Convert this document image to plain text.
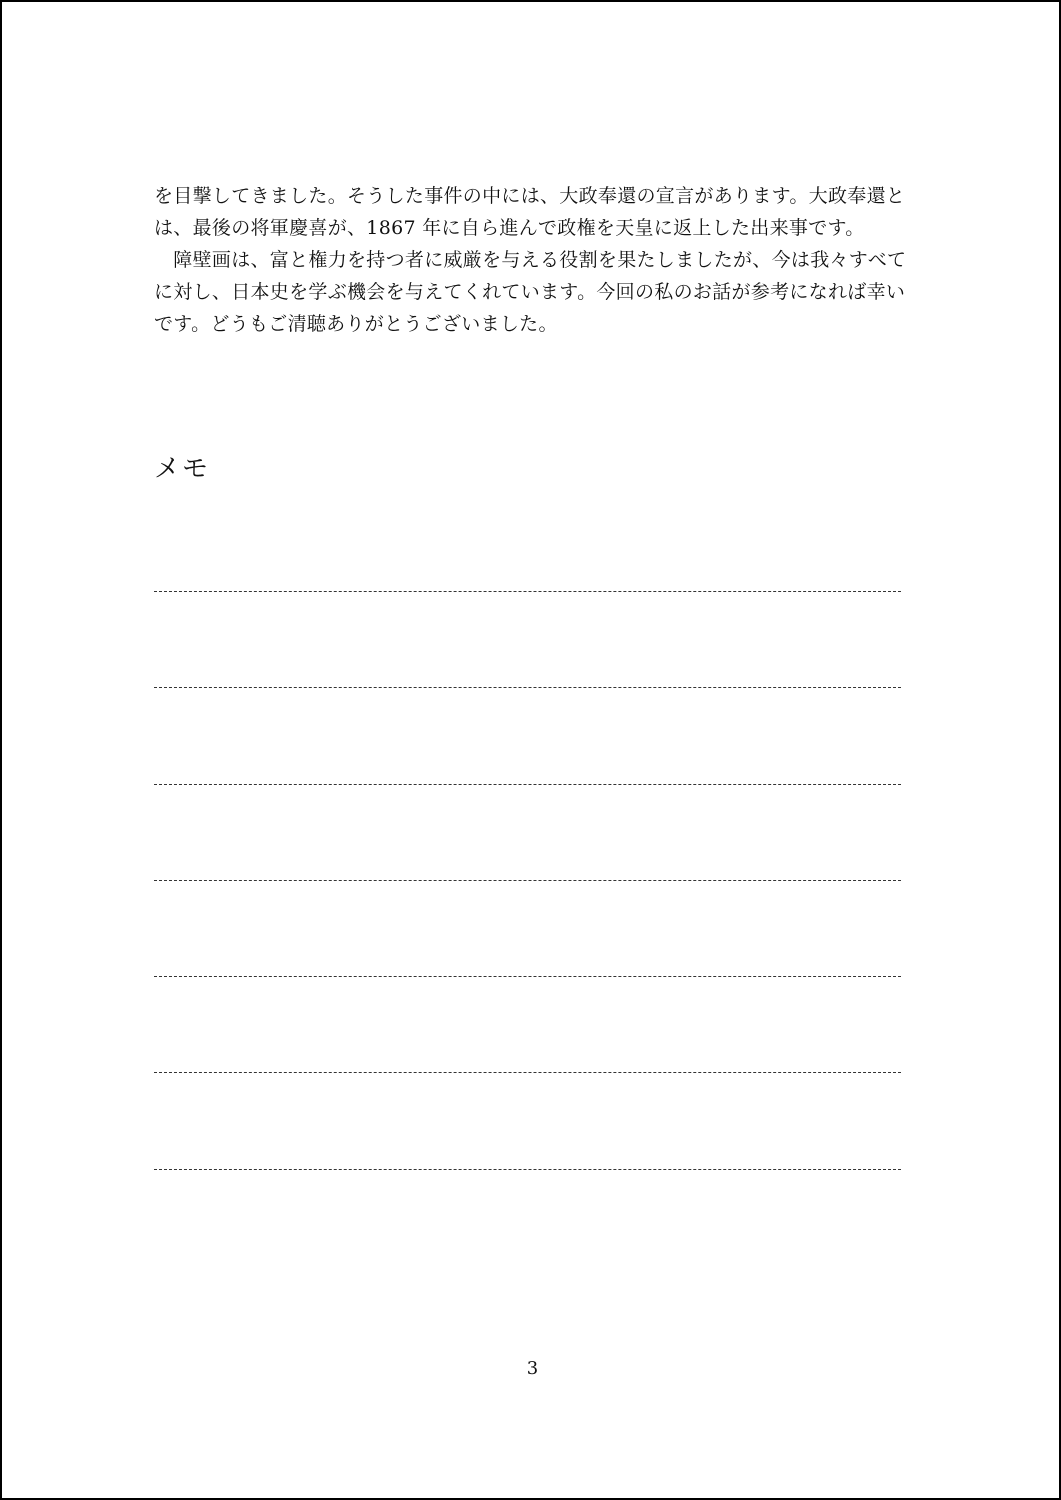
を目撃してきました。そうした事件の中には、大政奉還の宣言があります。大政奉還と

は、最後の将軍慶喜が、1867 年に自ら進んで政権を天皇に返上した出来事です。

　障壁画は、富と権力を持つ者に威厳を与える役割を果たしましたが、今は我々すべて

に対し、日本史を学ぶ機会を与えてくれています。今回の私のお話が参考になれば幸い

です。どうもご清聴ありがとうございました。

メモ
3
